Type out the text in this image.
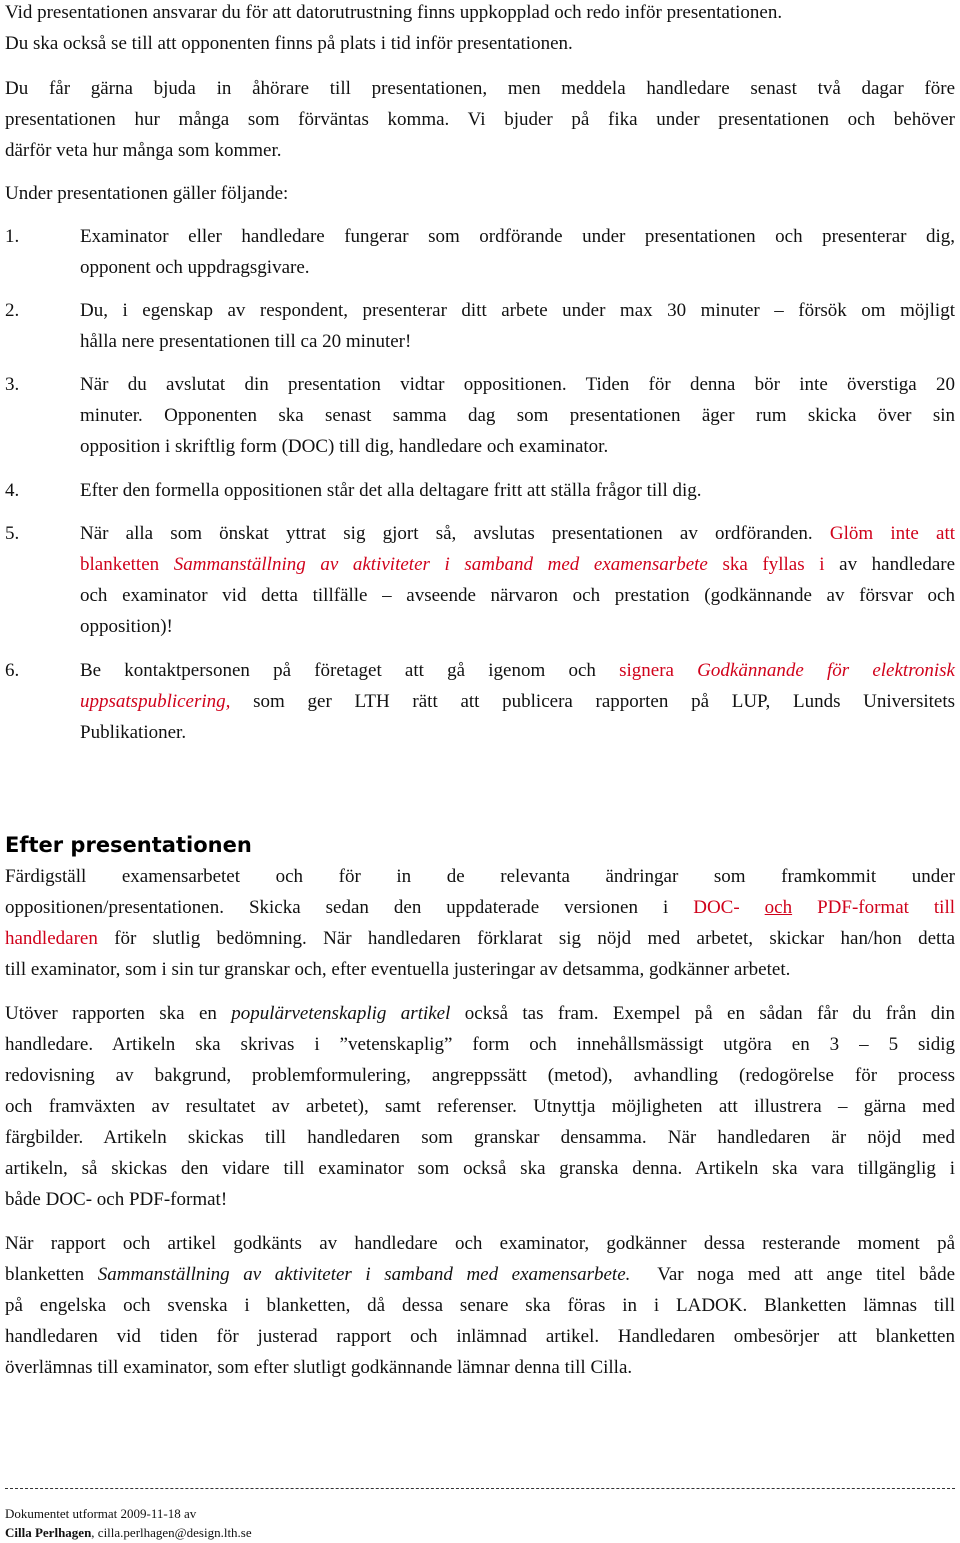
Vid presentationen ansvarar du för att datorutrustning finns uppkopplad och redo inför presentationen.
Du ska också se till att opponenten finns på plats i tid inför presentationen.
Du får gärna bjuda in åhörare till presentationen, men meddela handledare senast två dagar före
presentationen hur många som förväntas komma. Vi bjuder på fika under presentationen och behöver
därför veta hur många som kommer.
Under presentationen gäller följande:
1.	Examinator eller handledare fungerar som ordförande under presentationen och presenterar dig,
opponent och uppdragsgivare.
2.	Du, i egenskap av respondent, presenterar ditt arbete under max 30 minuter – försök om möjligt
hålla nere presentationen till ca 20 minuter!
3.	När du avslutat din presentation vidtar oppositionen. Tiden för denna bör inte överstiga 20
minuter. Opponenten ska senast samma dag som presentationen äger rum skicka över sin
opposition i skriftlig form (DOC) till dig, handledare och examinator.
4.	Efter den formella oppositionen står det alla deltagare fritt att ställa frågor till dig.
5.	När alla som önskat yttrat sig gjort så, avslutas presentationen av ordföranden. Glöm inte att
blanketten Sammanställning av aktiviteter i samband med examensarbete ska fyllas i av handledare
och examinator vid detta tillfälle – avseende närvaron och prestation (godkännande av försvar och
opposition)!
6.	Be kontaktpersonen på företaget att gå igenom och signera Godkännande för elektronisk
uppsatspublicering, som ger LTH rätt att publicera rapporten på LUP, Lunds Universitets
Publikationer.
Efter presentationen
Färdigställ examensarbetet och för in de relevanta ändringar som framkommit under
oppositionen/presentationen. Skicka sedan den uppdaterade versionen i DOC- och PDF-format till
handledaren för slutlig bedömning. När handledaren förklarat sig nöjd med arbetet, skickar han/hon detta
till examinator, som i sin tur granskar och, efter eventuella justeringar av detsamma, godkänner arbetet.
Utöver rapporten ska en populärvetenskaplig artikel också tas fram. Exempel på en sådan får du från din
handledare. Artikeln ska skrivas i ”vetenskaplig” form och innehållsmässigt utgöra en 3 – 5 sidig
redovisning av bakgrund, problemformulering, angreppssätt (metod), avhandling (redogörelse för process
och framväxten av resultatet av arbetet), samt referenser. Utnyttja möjligheten att illustrera – gärna med
färgbilder. Artikeln skickas till handledaren som granskar densamma. När handledaren är nöjd med
artikeln, så skickas den vidare till examinator som också ska granska denna. Artikeln ska vara tillgänglig i
både DOC- och PDF-format!
När rapport och artikel godkänts av handledare och examinator, godkänner dessa resterande moment på
blanketten Sammanställning av aktiviteter i samband med examensarbete. Var noga med att ange titel både
på engelska och svenska i blanketten, då dessa senare ska föras in i LADOK. Blanketten lämnas till
handledaren vid tiden för justerad rapport och inlämnad artikel. Handledaren ombesörjer att blanketten
överlämnas till examinator, som efter slutligt godkännande lämnar denna till Cilla.
Dokumentet utformat 2009-11-18 av
Cilla Perlhagen, cilla.perlhagen@design.lth.se
